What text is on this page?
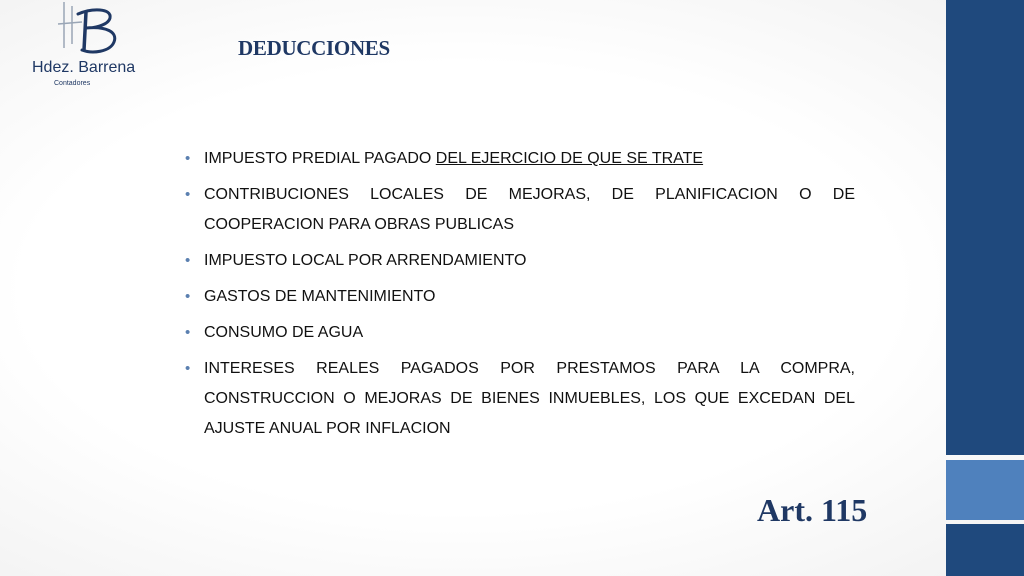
Hdez. Barrena
Contadores
DEDUCCIONES
• IMPUESTO PREDIAL PAGADO DEL EJERCICIO DE QUE SE TRATE
• CONTRIBUCIONES LOCALES DE MEJORAS, DE PLANIFICACION O DE COOPERACION PARA OBRAS PUBLICAS
• IMPUESTO LOCAL POR ARRENDAMIENTO
• GASTOS DE MANTENIMIENTO
• CONSUMO DE AGUA
• INTERESES REALES PAGADOS POR PRESTAMOS PARA LA COMPRA, CONSTRUCCION O MEJORAS DE BIENES INMUEBLES, LOS QUE EXCEDAN DEL AJUSTE ANUAL POR INFLACION
Art. 115
